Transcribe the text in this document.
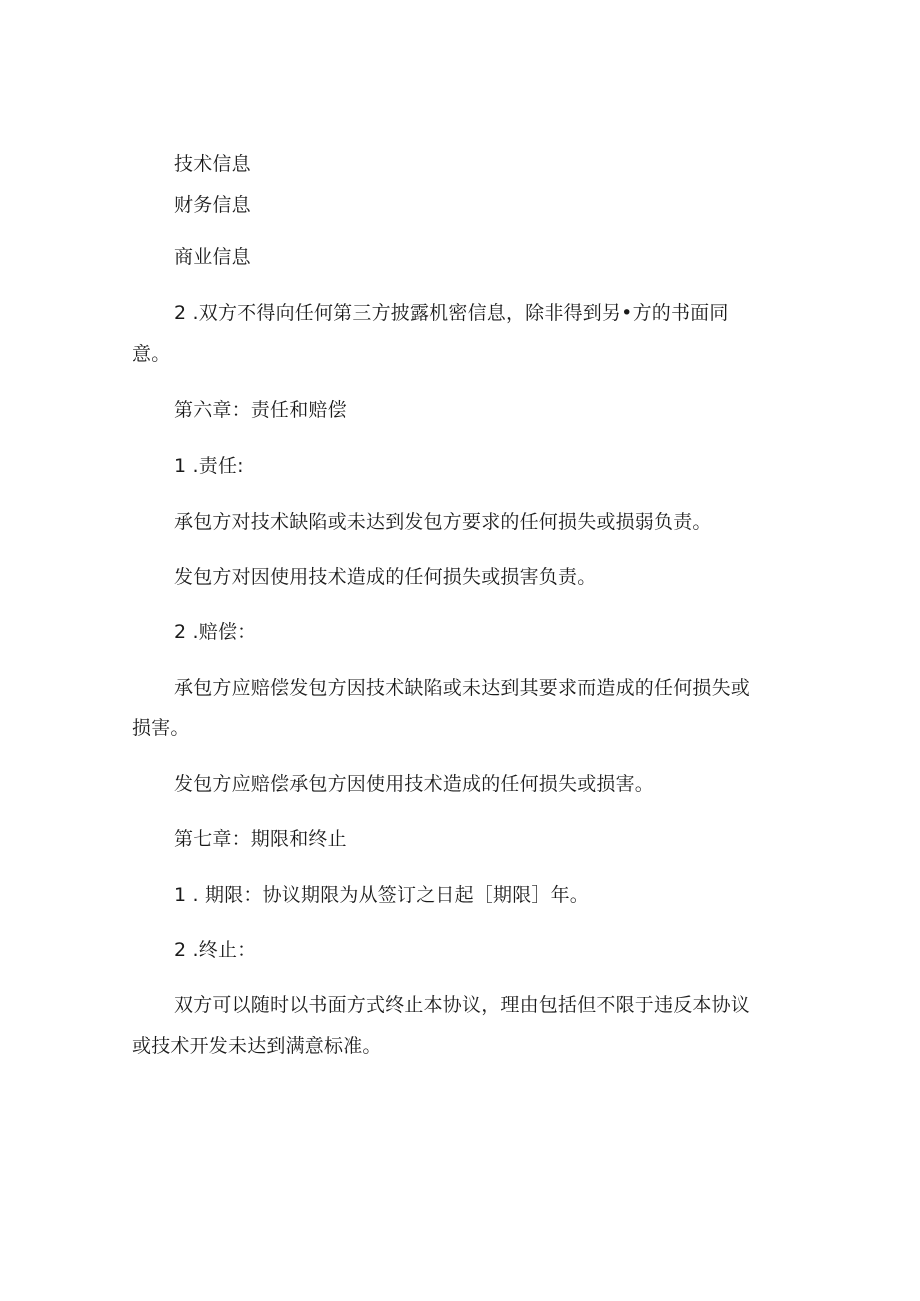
技术信息
财务信息
商业信息
2 .双方不得向任何第三方披露机密信息，除非得到另•方的书面同
意。
第六章：责任和赔偿
1 .责任:
承包方对技术缺陷或未达到发包方要求的任何损失或损弱负责。
发包方对因使用技术造成的任何损失或损害负责。
2 .赔偿：
承包方应赔偿发包方因技术缺陷或未达到其要求而造成的任何损失或
损害。
发包方应赔偿承包方因使用技术造成的任何损失或损害。
第七章：期限和终止
1 . 期限：协议期限为从签订之日起［期限］年。
2 .终止：
双方可以随时以书面方式终止本协议，理由包括但不限于违反本协议
或技术开发未达到满意标准。
